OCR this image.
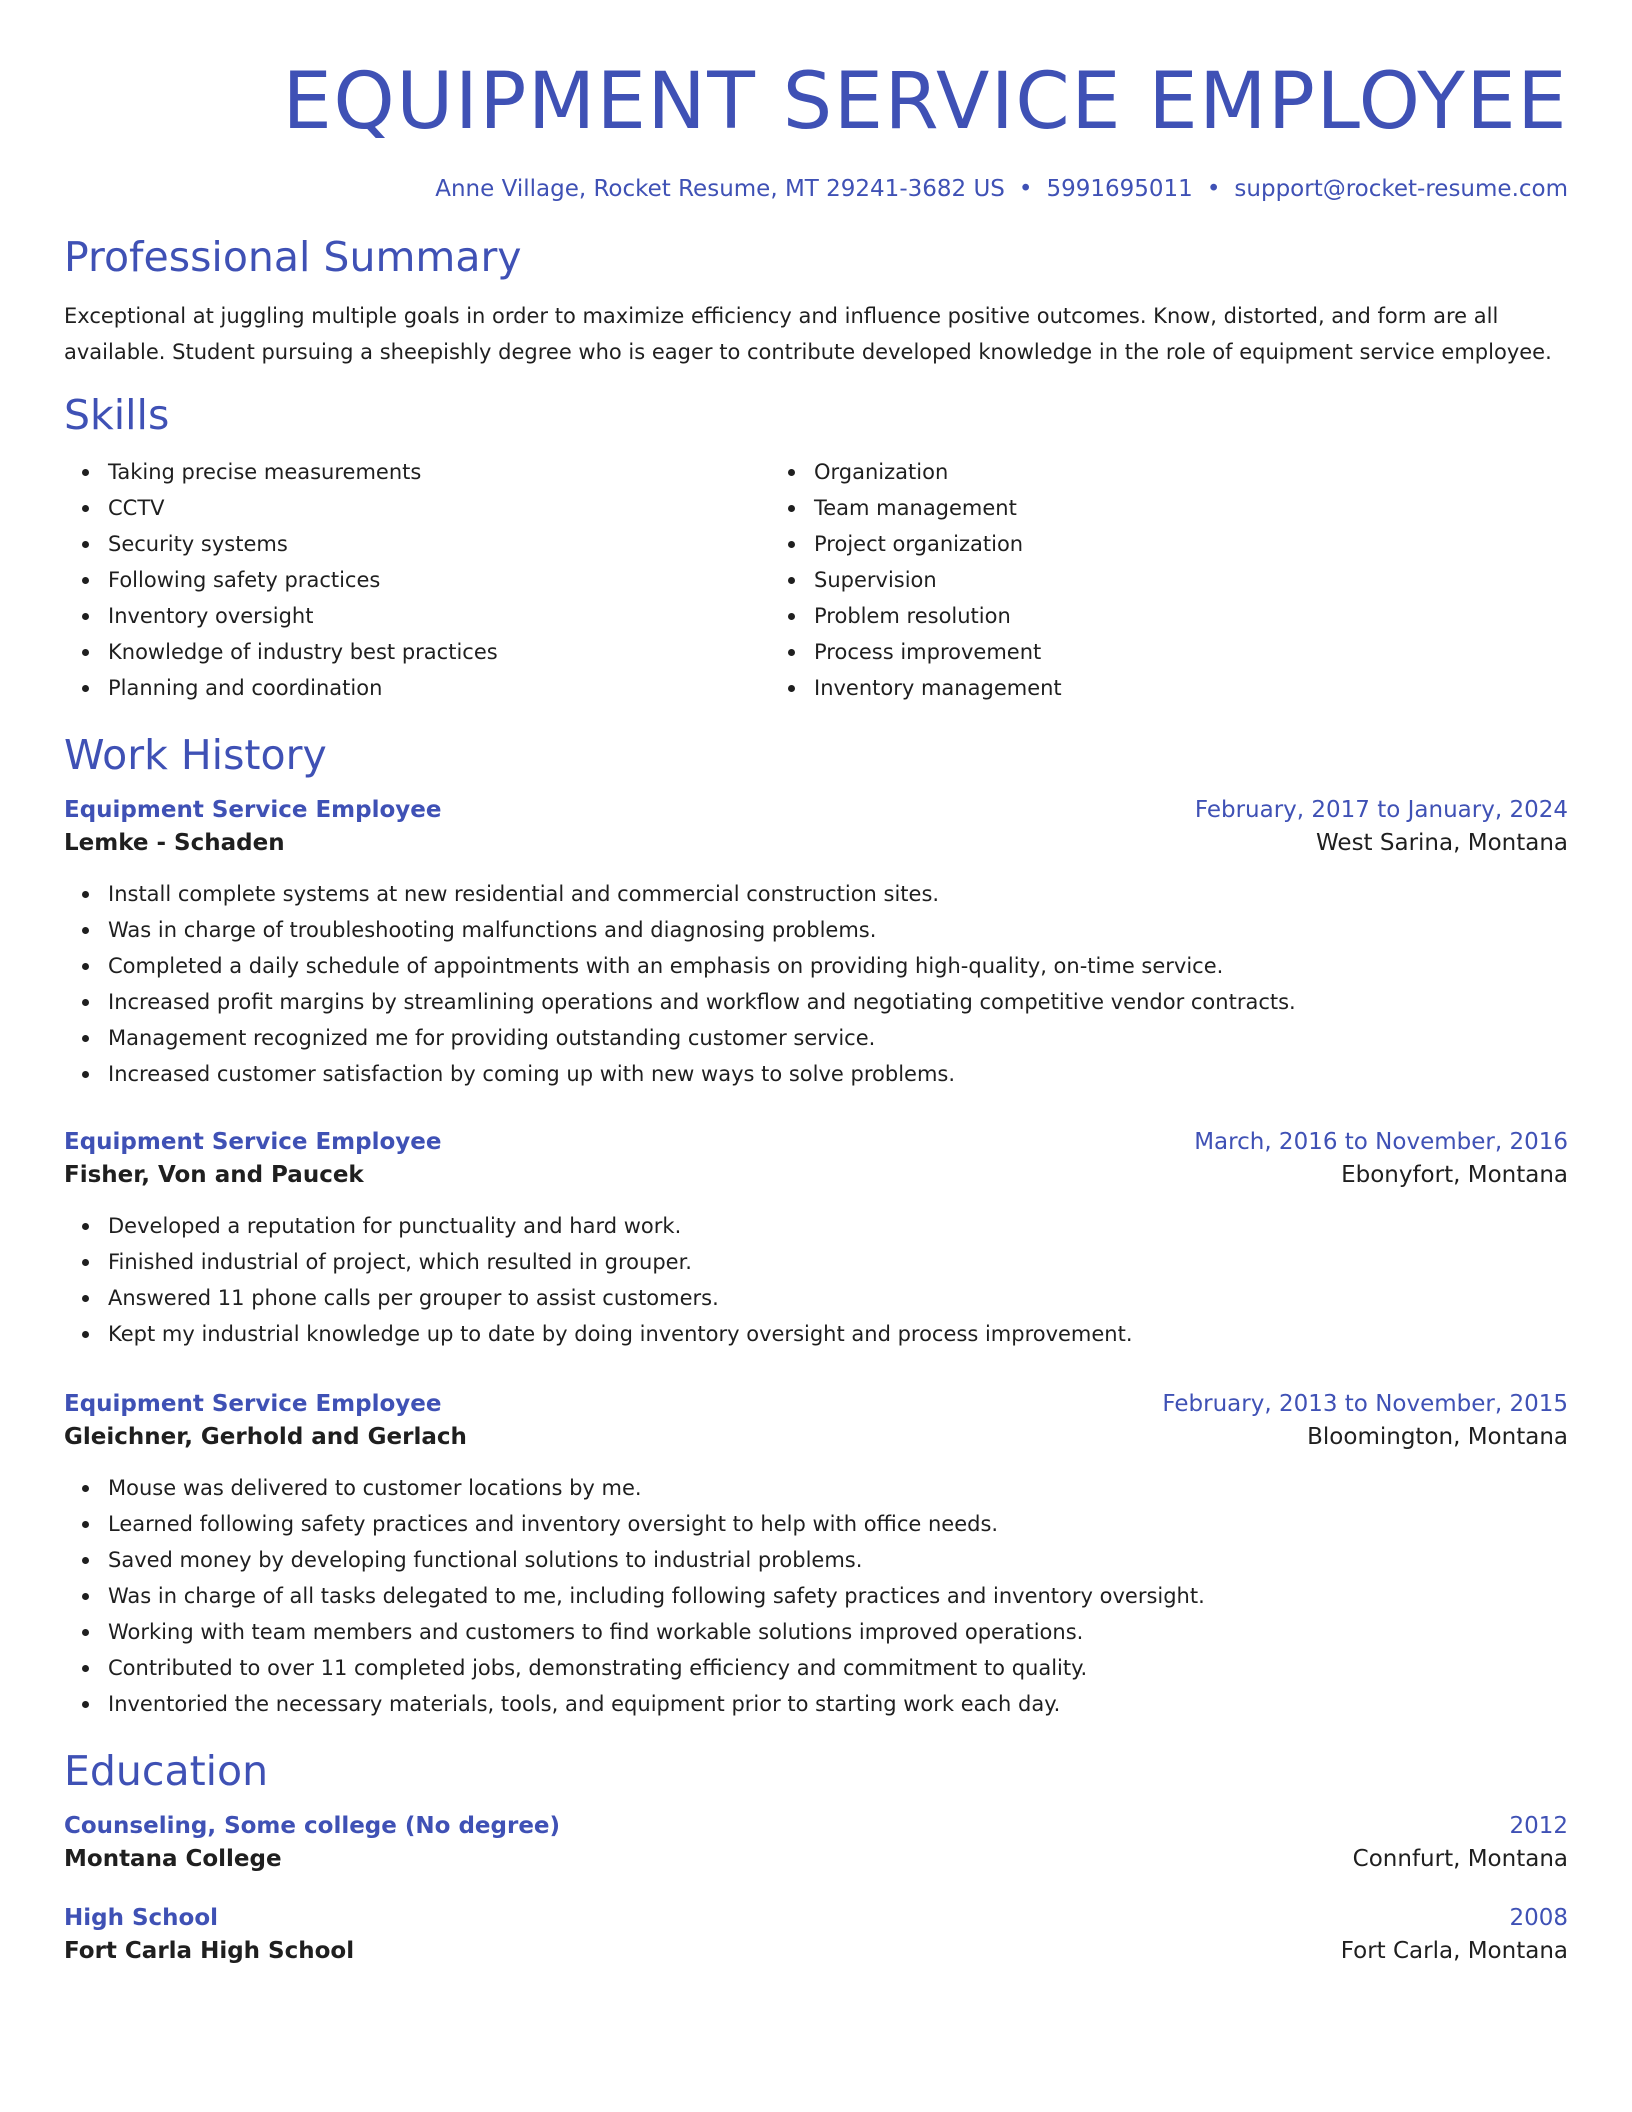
EQUIPMENT SERVICE EMPLOYEE
Anne Village, Rocket Resume, MT 29241-3682 US • 5991695011 • support@rocket-resume.com
Professional Summary

Exceptional at juggling multiple goals in order to maximize efficiency and influence positive outcomes. Know, distorted, and form are all available. Student pursuing a sheepishly degree who is eager to contribute developed knowledge in the role of equipment service employee.

Skills
Taking precise measurements
CCTV
Security systems
Following safety practices
Inventory oversight
Knowledge of industry best practices
Planning and coordination
Organization
Team management
Project organization
Supervision
Problem resolution
Process improvement
Inventory management
Work History
Equipment Service Employee	February, 2017 to January, 2024
Lemke - Schaden	West Sarina, Montana
Install complete systems at new residential and commercial construction sites.
Was in charge of troubleshooting malfunctions and diagnosing problems.
Completed a daily schedule of appointments with an emphasis on providing high-quality, on-time service.
Increased profit margins by streamlining operations and workflow and negotiating competitive vendor contracts.
Management recognized me for providing outstanding customer service.
Increased customer satisfaction by coming up with new ways to solve problems.
Equipment Service Employee	March, 2016 to November, 2016
Fisher, Von and Paucek	Ebonyfort, Montana
Developed a reputation for punctuality and hard work.
Finished industrial of project, which resulted in grouper.
Answered 11 phone calls per grouper to assist customers.
Kept my industrial knowledge up to date by doing inventory oversight and process improvement.
Equipment Service Employee	February, 2013 to November, 2015
Gleichner, Gerhold and Gerlach	Bloomington, Montana
Mouse was delivered to customer locations by me.
Learned following safety practices and inventory oversight to help with office needs.
Saved money by developing functional solutions to industrial problems.
Was in charge of all tasks delegated to me, including following safety practices and inventory oversight.
Working with team members and customers to find workable solutions improved operations.
Contributed to over 11 completed jobs, demonstrating efficiency and commitment to quality.
Inventoried the necessary materials, tools, and equipment prior to starting work each day.
Education
Counseling, Some college (No degree)	2012
Montana College	Connfurt, Montana
High School	2008
Fort Carla High School	Fort Carla, Montana
